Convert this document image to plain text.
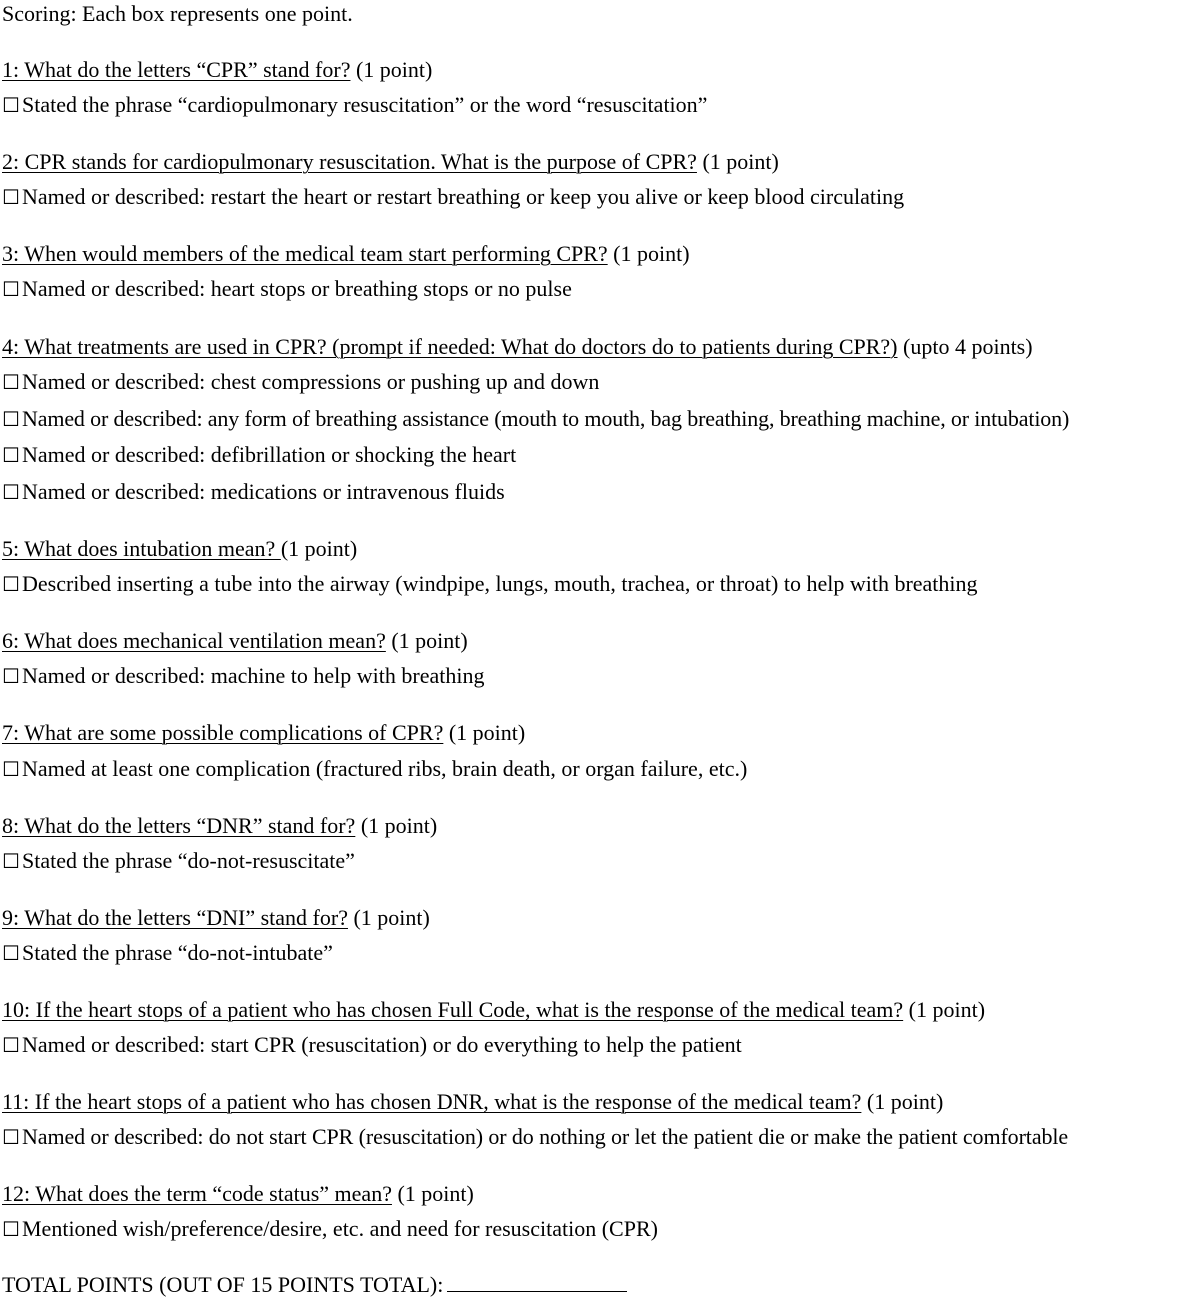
Scoring: Each box represents one point.
1: What do the letters “CPR” stand for? (1 point)
☐Stated the phrase “cardiopulmonary resuscitation” or the word “resuscitation”
2: CPR stands for cardiopulmonary resuscitation. What is the purpose of CPR? (1 point)
☐Named or described: restart the heart or restart breathing or keep you alive or keep blood circulating
3: When would members of the medical team start performing CPR? (1 point)
☐Named or described: heart stops or breathing stops or no pulse
4: What treatments are used in CPR? (prompt if needed: What do doctors do to patients during CPR?) (upto 4 points)
☐Named or described: chest compressions or pushing up and down
☐Named or described: any form of breathing assistance (mouth to mouth, bag breathing, breathing machine, or intubation)
☐Named or described: defibrillation or shocking the heart
☐Named or described: medications or intravenous fluids
5: What does intubation mean? (1 point)
☐Described inserting a tube into the airway (windpipe, lungs, mouth, trachea, or throat) to help with breathing
6: What does mechanical ventilation mean? (1 point)
☐Named or described: machine to help with breathing
7: What are some possible complications of CPR? (1 point)
☐Named at least one complication (fractured ribs, brain death, or organ failure, etc.)
8: What do the letters “DNR” stand for? (1 point)
☐Stated the phrase “do-not-resuscitate”
9: What do the letters “DNI” stand for? (1 point)
☐Stated the phrase “do-not-intubate”
10: If the heart stops of a patient who has chosen Full Code, what is the response of the medical team? (1 point)
☐Named or described: start CPR (resuscitation) or do everything to help the patient
11: If the heart stops of a patient who has chosen DNR, what is the response of the medical team? (1 point)
☐Named or described: do not start CPR (resuscitation) or do nothing or let the patient die or make the patient comfortable
12: What does the term “code status” mean? (1 point)
☐Mentioned wish/preference/desire, etc. and need for resuscitation (CPR)
TOTAL POINTS (OUT OF 15 POINTS TOTAL):
